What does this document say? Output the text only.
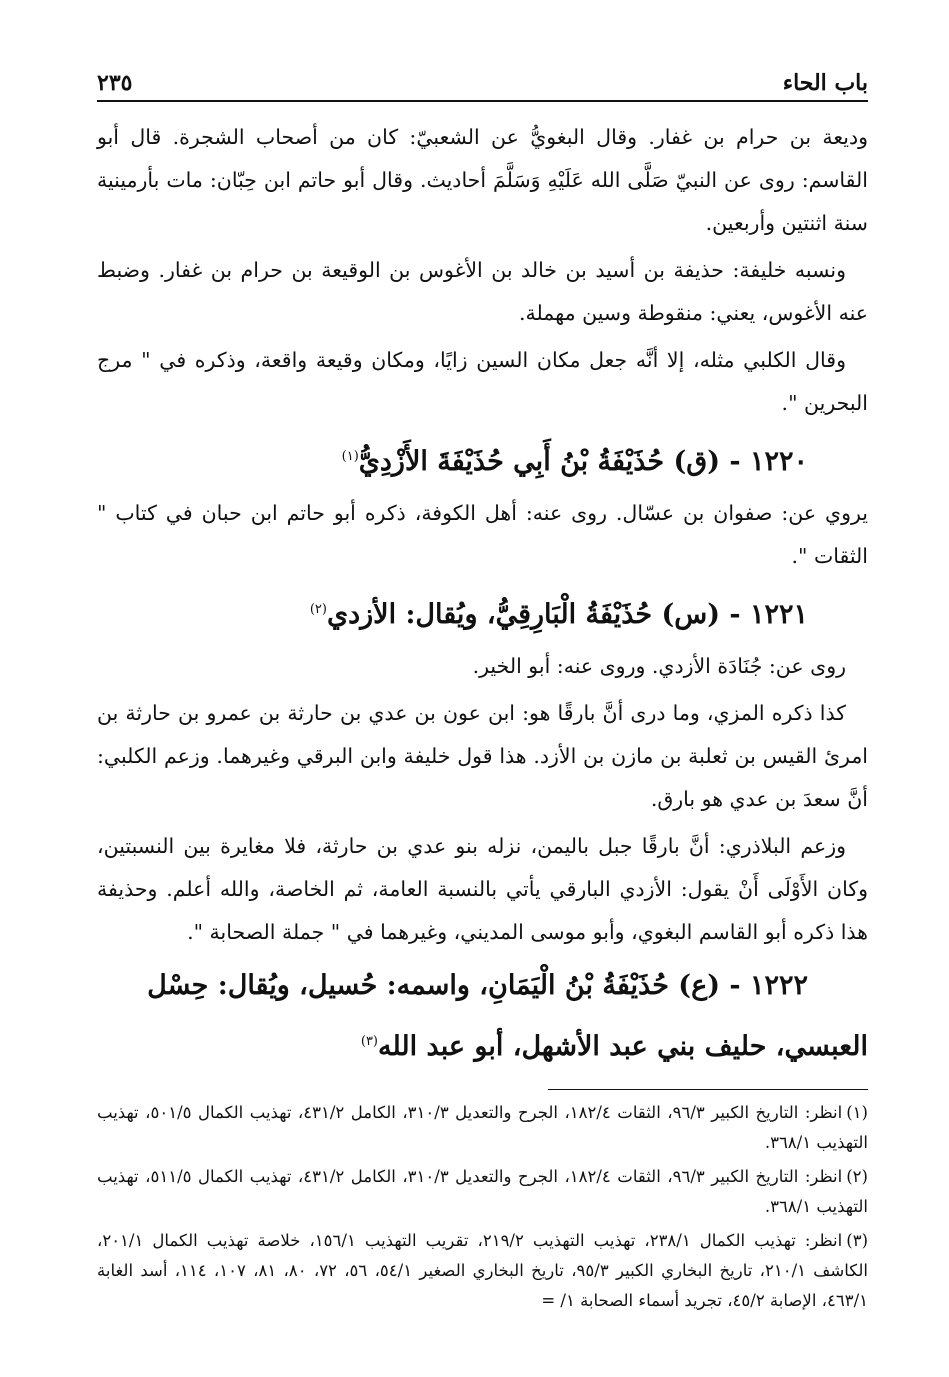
باب الحاء
٢٣٥

وديعة بن حرام بن غفار. وقال البغويُّ عن الشعبيّ: كان من أصحاب الشجرة. قال أبو القاسم: روى عن النبيّ صَلَّى الله عَلَيْهِ وَسَلَّمَ أحاديث. وقال أبو حاتم ابن حِبّان: مات بأرمينية سنة اثنتين وأربعين.

ونسبه خليفة: حذيفة بن أسيد بن خالد بن الأغوس بن الوقيعة بن حرام بن غفار. وضبط عنه الأغوس، يعني: منقوطة وسين مهملة.

وقال الكلبي مثله، إلا أنَّه جعل مكان السين زايًا، ومكان وقيعة واقعة، وذكره في " مرج البحرين ".

١٢٢٠ - (ق) حُذَيْفَةُ بْنُ أَبِي حُذَيْفَةَ الأَزْدِيُّ$^{(١)}$

يروي عن: صفوان بن عسّال. روى عنه: أهل الكوفة، ذكره أبو حاتم ابن حبان في كتاب " الثقات ".

١٢٢١ - (س) حُذَيْفَةُ الْبَارِقِيُّ، ويُقال: الأزدي$^{(٢)}$

روى عن: جُنَادَة الأزدي. وروى عنه: أبو الخير.

كذا ذكره المزي، وما درى أنَّ بارقًا هو: ابن عون بن عدي بن حارثة بن عمرو بن حارثة بن امرئ القيس بن ثعلبة بن مازن بن الأزد. هذا قول خليفة وابن البرقي وغيرهما. وزعم الكلبي: أنَّ سعدَ بن عدي هو بارق.

وزعم البلاذري: أنَّ بارقًا جبل باليمن، نزله بنو عدي بن حارثة، فلا مغايرة بين النسبتين، وكان الأَوْلَى أَنْ يقول: الأزدي البارقي يأتي بالنسبة العامة، ثم الخاصة، والله أعلم. وحذيفة هذا ذكره أبو القاسم البغوي، وأبو موسى المديني، وغيرهما في " جملة الصحابة ".

١٢٢٢ - (ع) حُذَيْفَةُ بْنُ الْيَمَانِ، واسمه: حُسيل، ويُقال: حِسْل العبسي، حليف بني عبد الأشهل، أبو عبد الله$^{(٣)}$

(١)انظر: التاريخ الكبير ٩٦/٣، الثقات ١٨٢/٤، الجرح والتعديل ٣١٠/٣، الكامل ٤٣١/٢، تهذيب الكمال ٥٠١/٥، تهذيب التهذيب ٣٦٨/١.

(٢)انظر: التاريخ الكبير ٩٦/٣، الثقات ١٨٢/٤، الجرح والتعديل ٣١٠/٣، الكامل ٤٣١/٢، تهذيب الكمال ٥١١/٥، تهذيب التهذيب ٣٦٨/١.

(٣)انظر: تهذيب الكمال ٢٣٨/١، تهذيب التهذيب ٢١٩/٢، تقريب التهذيب ١٥٦/١، خلاصة تهذيب الكمال ٢٠١/١، الكاشف ٢١٠/١، تاريخ البخاري الكبير ٩٥/٣، تاريخ البخاري الصغير ٥٤/١، ٥٦، ٧٢، ٨٠، ٨١، ١٠٧، ١١٤، أسد الغابة ٤٦٣/١، الإصابة ٤٥/٢، تجريد أسماء الصحابة ١/ =
